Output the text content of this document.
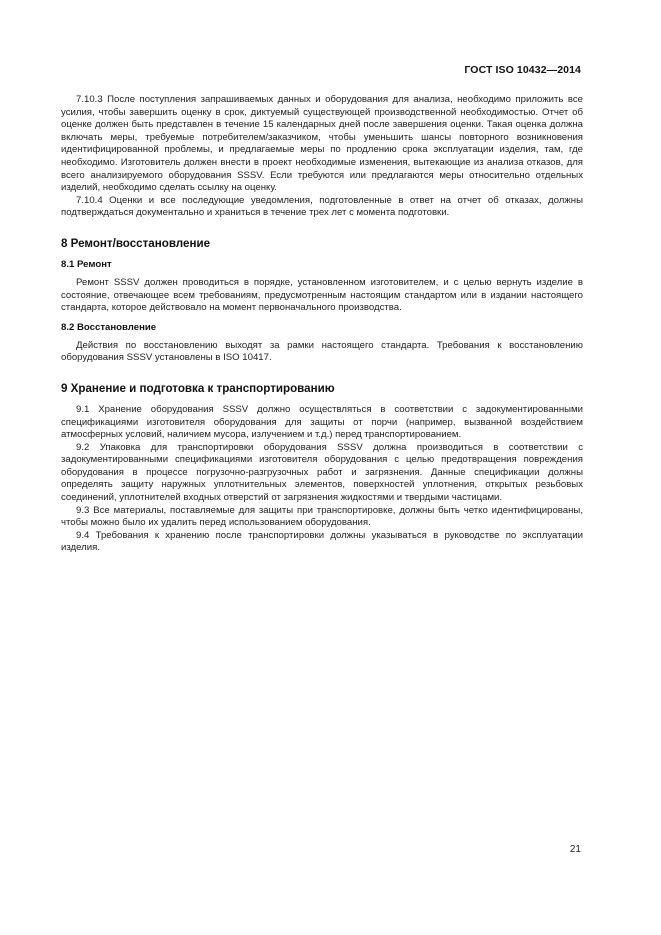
ГОСТ ISO 10432—2014

7.10.3 После поступления запрашиваемых данных и оборудования для анализа, необходимо приложить все усилия, чтобы завершить оценку в срок, диктуемый существующей производственной необходимостью. Отчет об оценке должен быть представлен в течение 15 календарных дней после завершения оценки. Такая оценка должна включать меры, требуемые потребителем/заказчиком, чтобы уменьшить шансы повторного возникновения идентифицированной проблемы, и предлагаемые меры по продлению срока эксплуатации изделия, там, где необходимо. Изготовитель должен внести в проект необходимые изменения, вытекающие из анализа отказов, для всего анализируемого оборудования SSSV. Если требуются или предлагаются меры относительно отдельных изделий, необходимо сделать ссылку на оценку.

7.10.4 Оценки и все последующие уведомления, подготовленные в ответ на отчет об отказах, должны подтверждаться документально и храниться в течение трех лет с момента подготовки.

8 Ремонт/восстановление
8.1 Ремонт

Ремонт SSSV должен проводиться в порядке, установленном изготовителем, и с целью вернуть изделие в состояние, отвечающее всем требованиям, предусмотренным настоящим стандартом или в издании настоящего стандарта, которое действовало на момент первоначального производства.

8.2 Восстановление

Действия по восстановлению выходят за рамки настоящего стандарта. Требования к восстановлению оборудования SSSV установлены в ISO 10417.

9 Хранение и подготовка к транспортированию

9.1 Хранение оборудования SSSV должно осуществляться в соответствии с задокументированными спецификациями изготовителя оборудования для защиты от порчи (например, вызванной воздействием атмосферных условий, наличием мусора, излучением и т.д.) перед транспортированием.

9.2 Упаковка для транспортировки оборудования SSSV должна производиться в соответствии с задокументированными спецификациями изготовителя оборудования с целью предотвращения повреждения оборудования в процессе погрузочно-разгрузочных работ и загрязнения. Данные спецификации должны определять защиту наружных уплотнительных элементов, поверхностей уплотнения, открытых резьбовых соединений, уплотнителей входных отверстий от загрязнения жидкостями и твердыми частицами.

9.3 Все материалы, поставляемые для защиты при транспортировке, должны быть четко идентифицированы, чтобы можно было их удалить перед использованием оборудования.

9.4 Требования к хранению после транспортировки должны указываться в руководстве по эксплуатации изделия.

21
